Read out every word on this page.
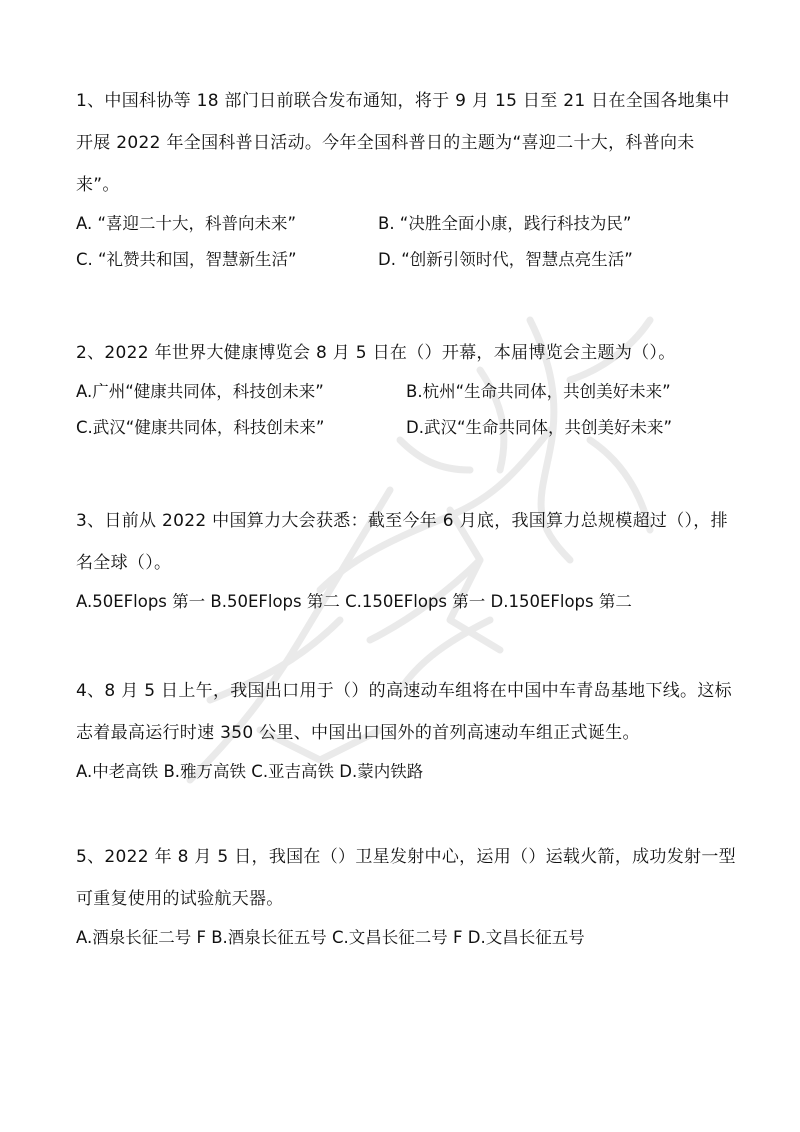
1、中国科协等 18 部门日前联合发布通知，将于 9 月 15 日至 21 日在全国各地集中开展 2022 年全国科普日活动。今年全国科普日的主题为“喜迎二十大，科普向未来”。

A. “喜迎二十大，科普向未来”	B. “决胜全面小康，践行科技为民”
C. “礼赞共和国，智慧新生活”	D. “创新引领时代，智慧点亮生活”

2、2022 年世界大健康博览会 8 月 5 日在（）开幕，本届博览会主题为（）。

A.广州“健康共同体，科技创未来”	B.杭州“生命共同体，共创美好未来”
C.武汉“健康共同体，科技创未来”	D.武汉“生命共同体，共创美好未来”

3、日前从 2022 中国算力大会获悉：截至今年 6 月底，我国算力总规模超过（），排名全球（）。

A.50EFlops 第一 B.50EFlops 第二 C.150EFlops 第一 D.150EFlops 第二

4、8 月 5 日上午，我国出口用于（）的高速动车组将在中国中车青岛基地下线。这标志着最高运行时速 350 公里、中国出口国外的首列高速动车组正式诞生。

A.中老高铁 B.雅万高铁 C.亚吉高铁 D.蒙内铁路

5、2022 年 8 月 5 日，我国在（）卫星发射中心，运用（）运载火箭，成功发射一型可重复使用的试验航天器。

A.酒泉长征二号 F B.酒泉长征五号 C.文昌长征二号 F D.文昌长征五号
